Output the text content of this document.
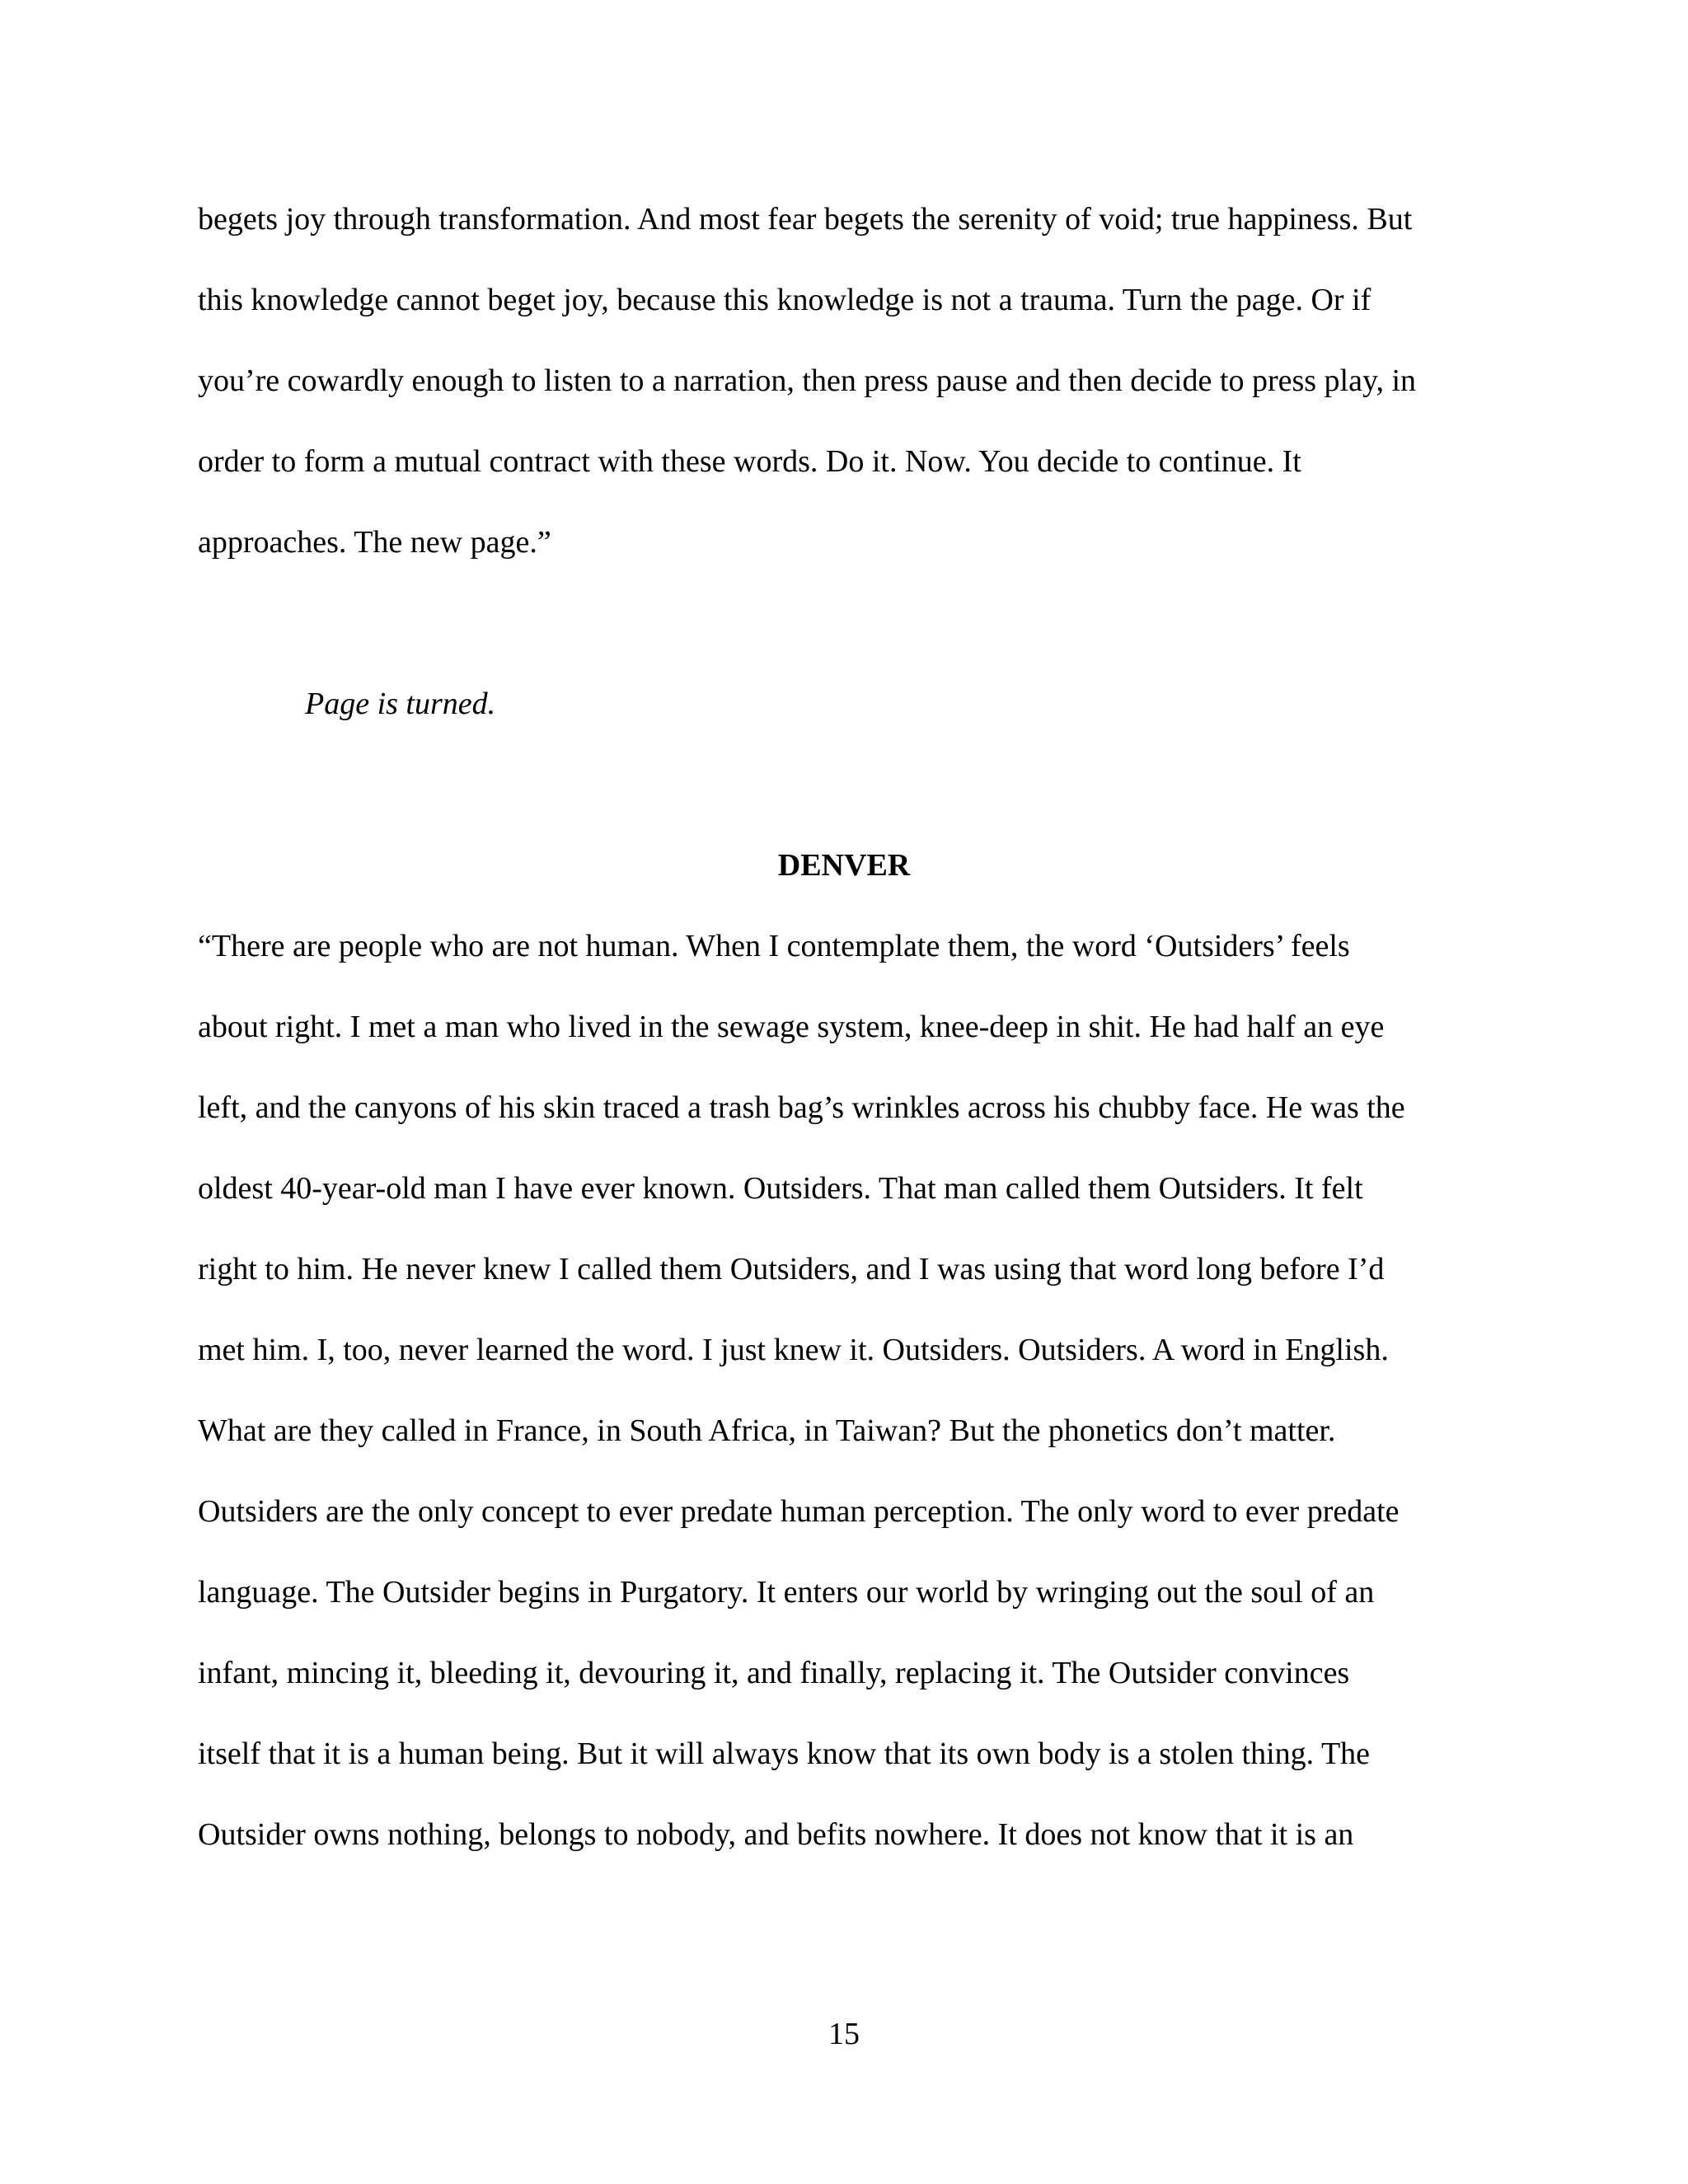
begets joy through transformation. And most fear begets the serenity of void; true happiness. But
this knowledge cannot beget joy, because this knowledge is not a trauma. Turn the page. Or if
you’re cowardly enough to listen to a narration, then press pause and then decide to press play, in
order to form a mutual contract with these words. Do it. Now. You decide to continue. It
approaches. The new page.”
Page is turned.
DENVER
“There are people who are not human. When I contemplate them, the word ‘Outsiders’ feels
about right. I met a man who lived in the sewage system, knee-deep in shit. He had half an eye
left, and the canyons of his skin traced a trash bag’s wrinkles across his chubby face. He was the
oldest 40-year-old man I have ever known. Outsiders. That man called them Outsiders. It felt
right to him. He never knew I called them Outsiders, and I was using that word long before I’d
met him. I, too, never learned the word. I just knew it. Outsiders. Outsiders. A word in English.
What are they called in France, in South Africa, in Taiwan? But the phonetics don’t matter.
Outsiders are the only concept to ever predate human perception. The only word to ever predate
language. The Outsider begins in Purgatory. It enters our world by wringing out the soul of an
infant, mincing it, bleeding it, devouring it, and finally, replacing it. The Outsider convinces
itself that it is a human being. But it will always know that its own body is a stolen thing. The
Outsider owns nothing, belongs to nobody, and befits nowhere. It does not know that it is an
15
